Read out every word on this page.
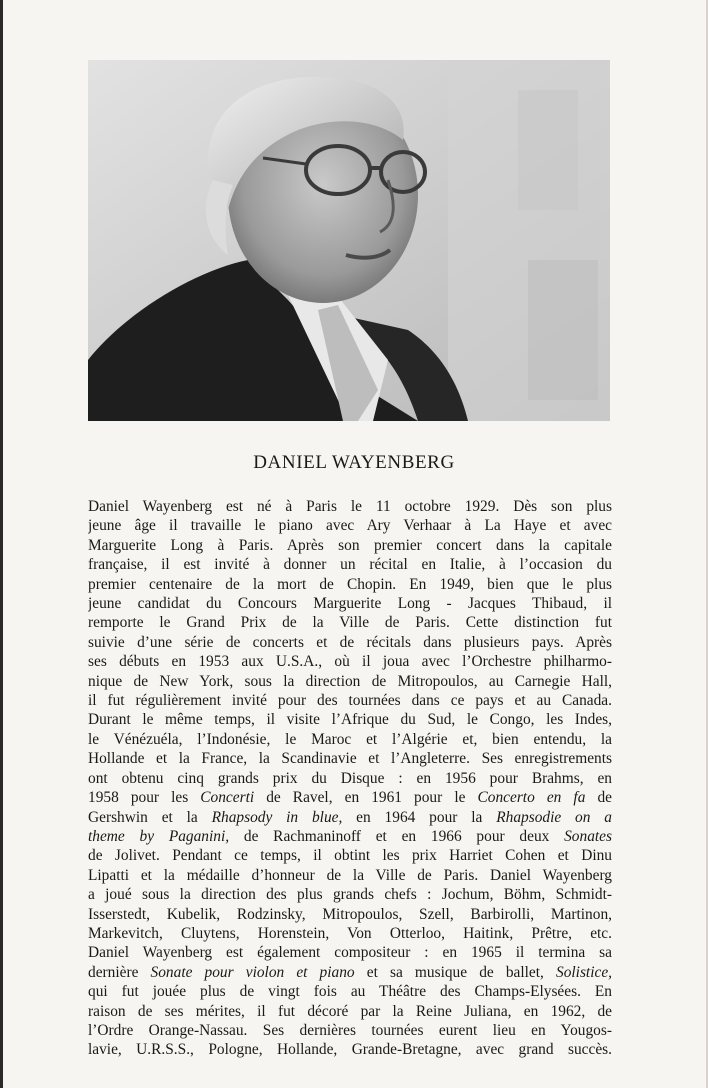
DANIEL WAYENBERG
Daniel Wayenberg est né à Paris le 11 octobre 1929. Dès son plus
jeune âge il travaille le piano avec Ary Verhaar à La Haye et avec
Marguerite Long à Paris. Après son premier concert dans la capitale
française, il est invité à donner un récital en Italie, à l’occasion du
premier centenaire de la mort de Chopin. En 1949, bien que le plus
jeune candidat du Concours Marguerite Long - Jacques Thibaud, il
remporte le Grand Prix de la Ville de Paris. Cette distinction fut
suivie d’une série de concerts et de récitals dans plusieurs pays. Après
ses débuts en 1953 aux U.S.A., où il joua avec l’Orchestre philharmo-
nique de New York, sous la direction de Mitropoulos, au Carnegie Hall,
il fut régulièrement invité pour des tournées dans ce pays et au Canada.
Durant le même temps, il visite l’Afrique du Sud, le Congo, les Indes,
le Vénézuéla, l’Indonésie, le Maroc et l’Algérie et, bien entendu, la
Hollande et la France, la Scandinavie et l’Angleterre. Ses enregistrements
ont obtenu cinq grands prix du Disque : en 1956 pour Brahms, en
1958 pour les Concerti de Ravel, en 1961 pour le Concerto en fa de
Gershwin et la Rhapsody in blue, en 1964 pour la Rhapsodie on a
theme by Paganini, de Rachmaninoff et en 1966 pour deux Sonates
de Jolivet. Pendant ce temps, il obtint les prix Harriet Cohen et Dinu
Lipatti et la médaille d’honneur de la Ville de Paris. Daniel Wayenberg
a joué sous la direction des plus grands chefs : Jochum, Böhm, Schmidt-
Isserstedt, Kubelik, Rodzinsky, Mitropoulos, Szell, Barbirolli, Martinon,
Markevitch, Cluytens, Horenstein, Von Otterloo, Haitink, Prêtre, etc.
Daniel Wayenberg est également compositeur : en 1965 il termina sa
dernière Sonate pour violon et piano et sa musique de ballet, Solistice,
qui fut jouée plus de vingt fois au Théâtre des Champs-Elysées. En
raison de ses mérites, il fut décoré par la Reine Juliana, en 1962, de
l’Ordre Orange-Nassau. Ses dernières tournées eurent lieu en Yougos-
lavie, U.R.S.S., Pologne, Hollande, Grande-Bretagne, avec grand succès.
